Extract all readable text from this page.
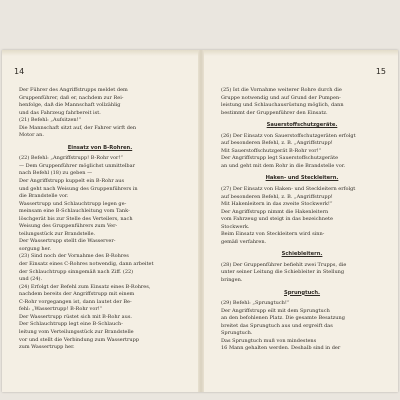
14
Der Führer des Angriffstrupps meldet dem
Gruppenführer, daß er, nachdem zur Rei-
henfolge, daß die Mannschaft vollzählig
und das Fahrzeug fahrbereit ist.
(21) Befehl: „Aufsitzen!“
Die Mannschaft sitzt auf, der Fahrer wirft den
Motor an.
Einsatz von B-Rohren.
(22) Befehl: „Angriffstrupp! B-Rohr vor!“
— Dem Gruppenführer möglichst unmittelbar
nach Befehl (18) zu geben —
Der Angriffstrupp kuppelt ein B-Rohr aus
und geht nach Weisung des Gruppenführers in
die Brandstelle vor.
Wassertrupp und Schlauchtrupp legen ge-
meinsam eine B-Schlauchleitung vom Tank-
löschgerät bis zur Stelle des Verteilers, nach
Weisung des Gruppenführers zum Ver-
teilungsstück zur Brandstelle.
Der Wassertrupp stellt die Wasserver-
sorgung her.
(23) Sind noch der Vornahme des B-Rohres
der Einsatz eines C-Rohres notwendig, dann arbeitet
der Schlauchtrupp sinngemäß nach Ziff. (22)
und (24).
(24) Erfolgt der Befehl zum Einsatz eines B-Rohres,
nachdem bereits der Angriffstrupp mit einem
C-Rohr vorgegangen ist, dann lautet der Be-
fehl: „Wassertrupp! B-Rohr vor!“
Der Wassertrupp rüstet sich mit B-Rohr aus.
Der Schlauchtrupp legt eine B-Schlauch-
leitung vom Verteilungsstück zur Brandstelle
vor und stellt die Verbindung zum Wassertrupp
zum Wassertrupp her.
15
(25) Ist die Vornahme weiterer Rohre durch die
Gruppe notwendig und auf Grund der Pumpen-
leistung und Schlauchausrüstung möglich, dann
bestimmt der Gruppenführer den Einsatz.
Sauerstoffschutzgeräte.
(26) Der Einsatz von Sauerstoffschutzgeräten erfolgt
auf besonderen Befehl, z. B. „Angriffstrupp!
Mit Sauerstoffschutzgerät B-Rohr vor!“
Der Angriffstrupp legt Sauerstoffschutzgeräte
an und geht mit dem Rohr in die Brandstelle vor.
Haken- und Steckleitern.
(27) Der Einsatz von Haken- und Steckleitern erfolgt
auf besonderen Befehl, z. B. „Angriffstrupp!
Mit Hakenleitern in das zweite Stockwerk!“
Der Angriffstrupp nimmt die Hakenleitern
vom Fahrzeug und steigt in das bezeichnete
Stockwerk.
Beim Einsatz von Steckleitern wird sinn-
gemäß verfahren.
Schiebleitern.
(28) Der Gruppenführer befiehlt zwei Trupps, die
unter seiner Leitung die Schiebleiter in Stellung
bringen.
Sprungtuch.
(29) Befehl: „Sprungtuch!“
Der Angriffstrupp eilt mit dem Sprungtuch
an den befohlenen Platz. Die gesamte Besatzung
breitet das Sprungtuch aus und ergreift das
Sprungtuch.
Das Sprungtuch muß von mindestens
16 Mann gehalten werden. Deshalb sind in der
